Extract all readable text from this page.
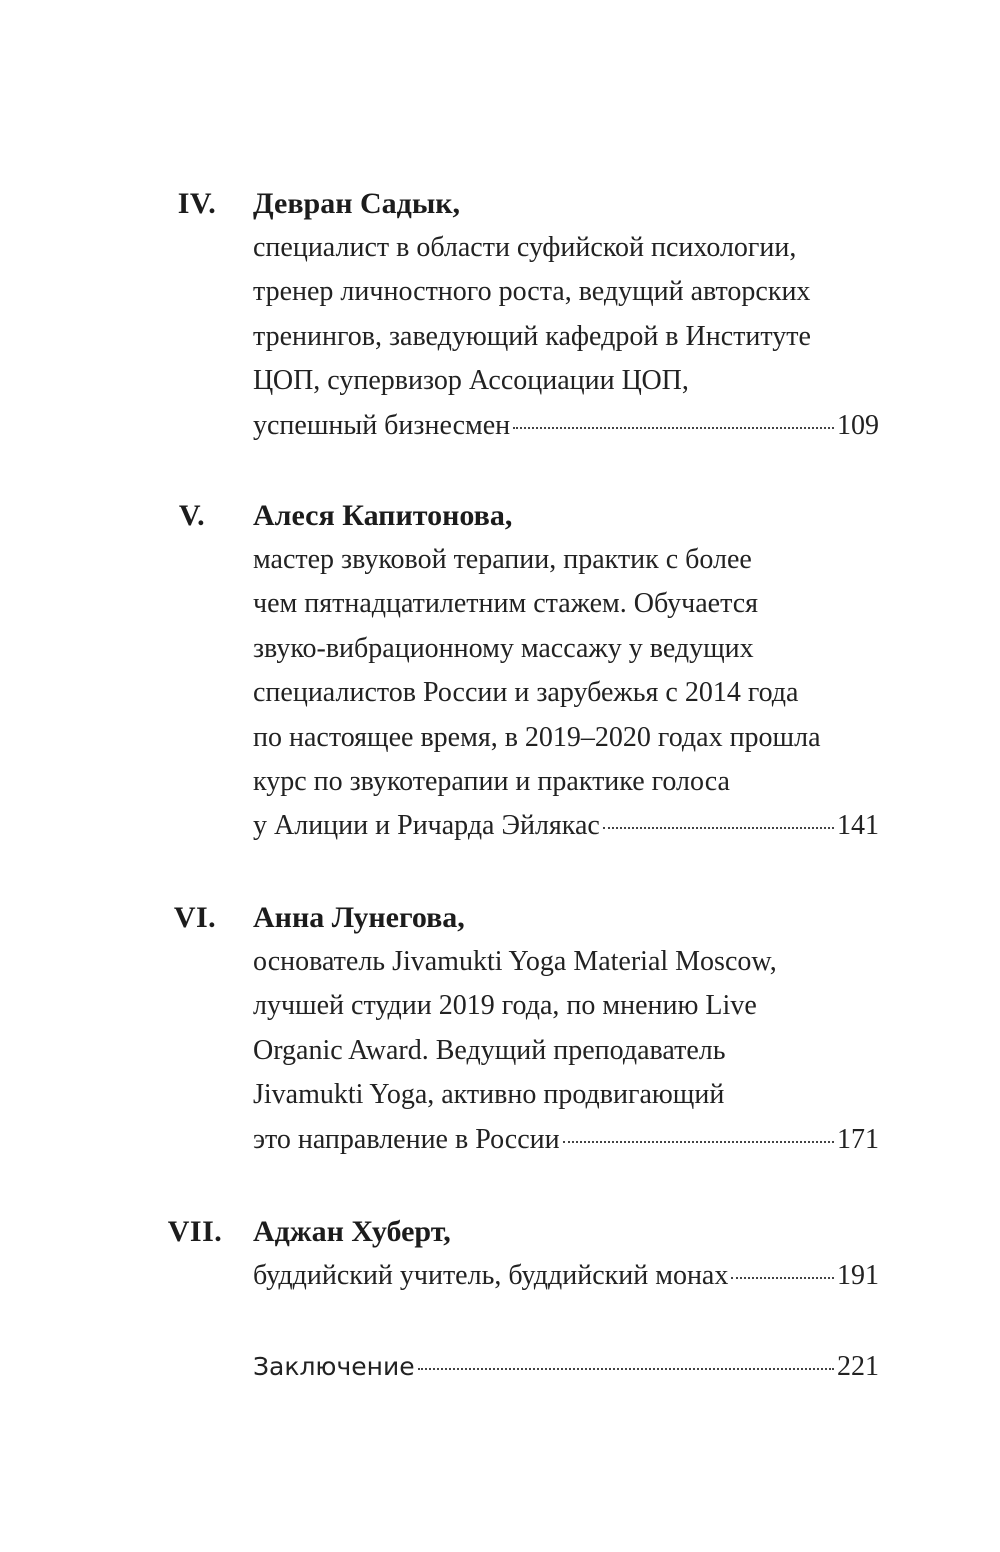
IV.	Девран Садык,
специалист в области суфийской психологии,
тренер личностного роста, ведущий авторских
тренингов, заведующий кафедрой в Институте
ЦОП, супервизор Ассоциации ЦОП,
успешный бизнесмен	109
V.	Алеся Капитонова,
мастер звуковой терапии, практик с более
чем пятнадцатилетним стажем. Обучается
звуко-вибрационному массажу у ведущих
специалистов России и зарубежья с 2014 года
по настоящее время, в 2019–2020 годах прошла
курс по звукотерапии и практике голоса
у Алиции и Ричарда Эйлякас	141
VI.	Анна Лунегова,
основатель Jivamukti Yoga Material Moscow,
лучшей студии 2019 года, по мнению Live
Organic Award. Ведущий преподаватель
Jivamukti Yoga, активно продвигающий
это направление в России	171
VII. Аджан Хуберт,
буддийский учитель, буддийский монах	191
Заключение	221
